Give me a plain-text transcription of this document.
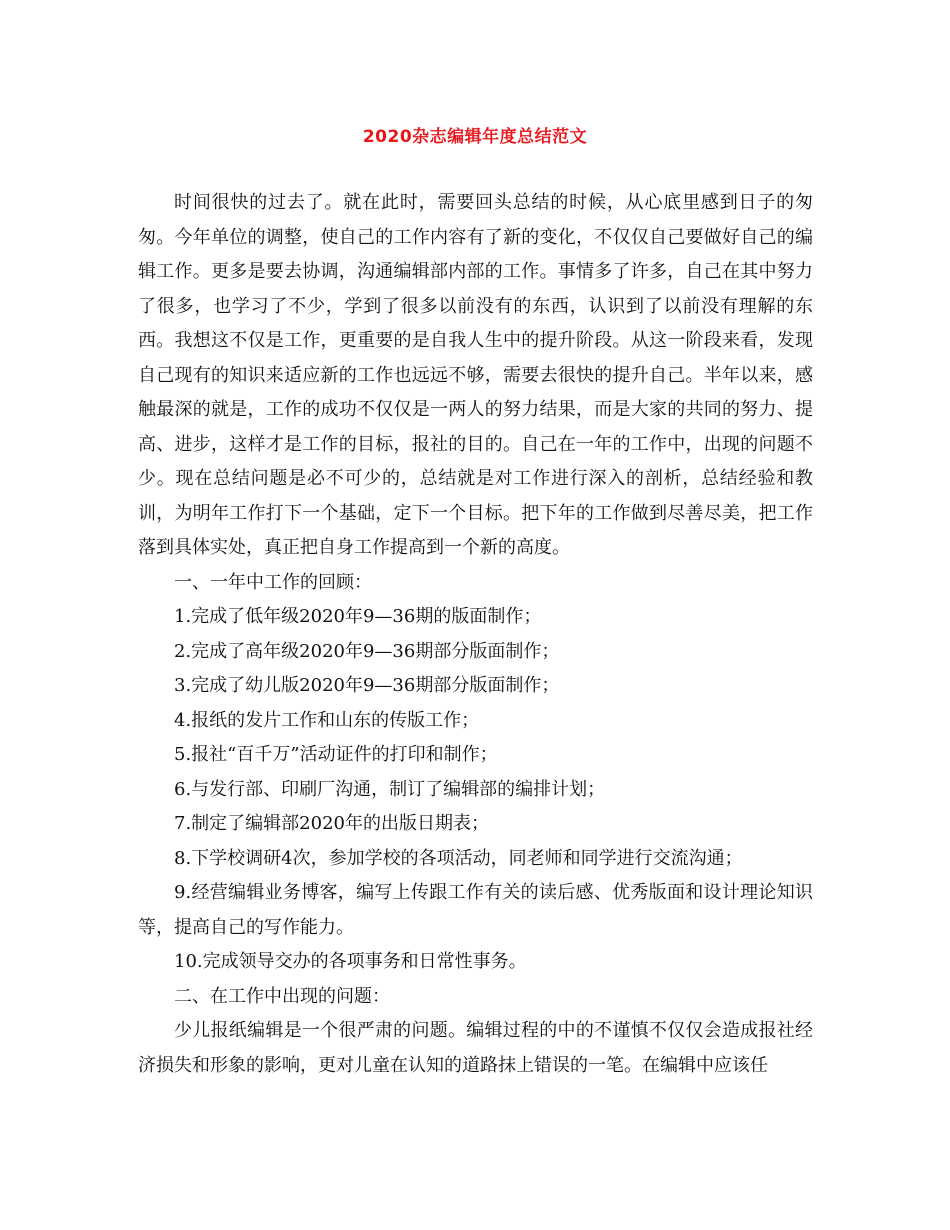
2020杂志编辑年度总结范文

时间很快的过去了。就在此时，需要回头总结的时候，从心底里感到日子的匆匆。今年单位的调整，使自己的工作内容有了新的变化，不仅仅自己要做好自己的编辑工作。更多是要去协调，沟通编辑部内部的工作。事情多了许多，自己在其中努力了很多，也学习了不少，学到了很多以前没有的东西，认识到了以前没有理解的东西。我想这不仅是工作，更重要的是自我人生中的提升阶段。从这一阶段来看，发现自己现有的知识来适应新的工作也远远不够，需要去很快的提升自己。半年以来，感触最深的就是，工作的成功不仅仅是一两人的努力结果，而是大家的共同的努力、提高、进步，这样才是工作的目标，报社的目的。自己在一年的工作中，出现的问题不少。现在总结问题是必不可少的，总结就是对工作进行深入的剖析，总结经验和教训，为明年工作打下一个基础，定下一个目标。把下年的工作做到尽善尽美，把工作落到具体实处，真正把自身工作提高到一个新的高度。

一、一年中工作的回顾：

1.完成了低年级2020年9—36期的版面制作；

2.完成了高年级2020年9—36期部分版面制作；

3.完成了幼儿版2020年9—36期部分版面制作；

4.报纸的发片工作和山东的传版工作；

5.报社“百千万”活动证件的打印和制作；

6.与发行部、印刷厂沟通，制订了编辑部的编排计划；

7.制定了编辑部2020年的出版日期表；

8.下学校调研4次，参加学校的各项活动，同老师和同学进行交流沟通；

9.经营编辑业务博客，编写上传跟工作有关的读后感、优秀版面和设计理论知识等，提高自己的写作能力。

10.完成领导交办的各项事务和日常性事务。

二、在工作中出现的问题：

少儿报纸编辑是一个很严肃的问题。编辑过程的中的不谨慎不仅仅会造成报社经济损失和形象的影响，更对儿童在认知的道路抹上错误的一笔。在编辑中应该任
